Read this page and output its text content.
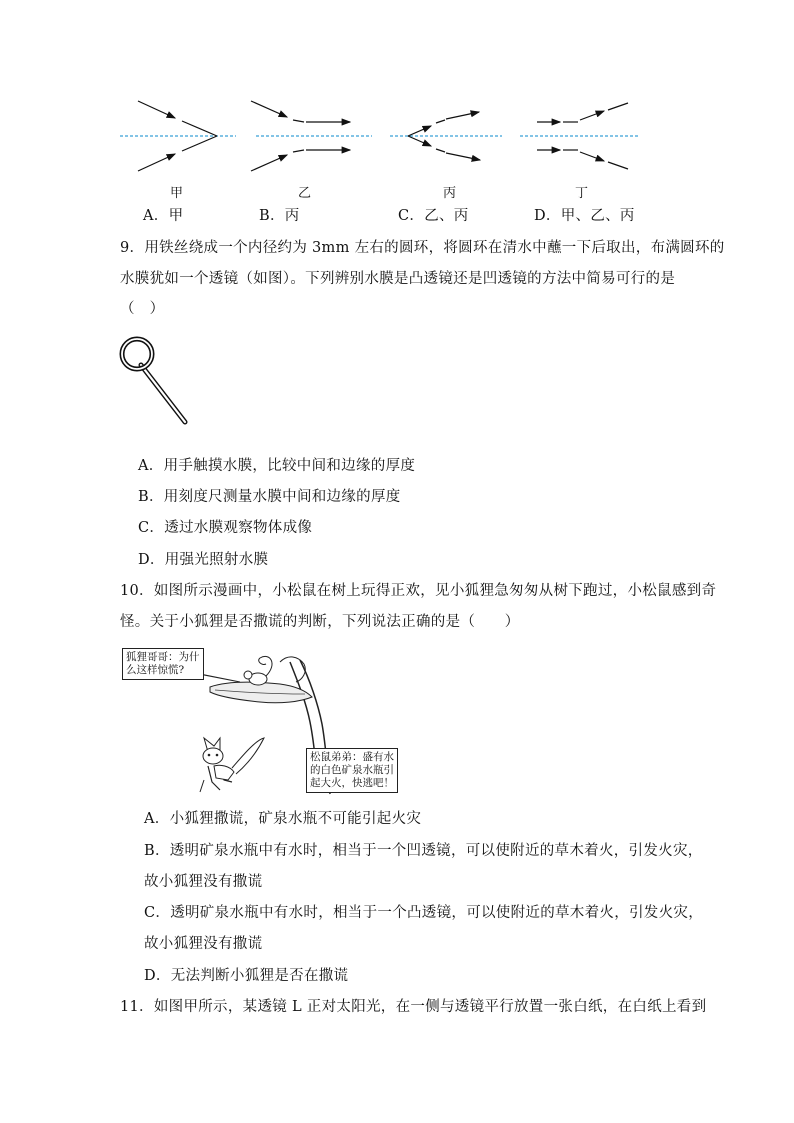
甲	乙	丙	丁
A．甲	B．丙	C．乙、丙	D．甲、乙、丙
9．用铁丝绕成一个内径约为 3mm 左右的圆环，将圆环在清水中蘸一下后取出，布满圆环的
水膜犹如一个透镜（如图）。下列辨别水膜是凸透镜还是凹透镜的方法中简易可行的是
（　）
A．用手触摸水膜，比较中间和边缘的厚度
B．用刻度尺测量水膜中间和边缘的厚度
C．透过水膜观察物体成像
D．用强光照射水膜
10．如图所示漫画中，小松鼠在树上玩得正欢，见小狐狸急匆匆从树下跑过，小松鼠感到奇
怪。关于小狐狸是否撒谎的判断，下列说法正确的是（　　）
狐狸哥哥：为什
么这样惊慌?
松鼠弟弟：盛有水
的白色矿泉水瓶引
起大火，快逃吧！
A．小狐狸撒谎，矿泉水瓶不可能引起火灾
B．透明矿泉水瓶中有水时，相当于一个凹透镜，可以使附近的草木着火，引发火灾，
故小狐狸没有撒谎
C．透明矿泉水瓶中有水时，相当于一个凸透镜，可以使附近的草木着火，引发火灾，
故小狐狸没有撒谎
D．无法判断小狐狸是否在撒谎
11．如图甲所示，某透镜 L 正对太阳光，在一侧与透镜平行放置一张白纸，在白纸上看到
